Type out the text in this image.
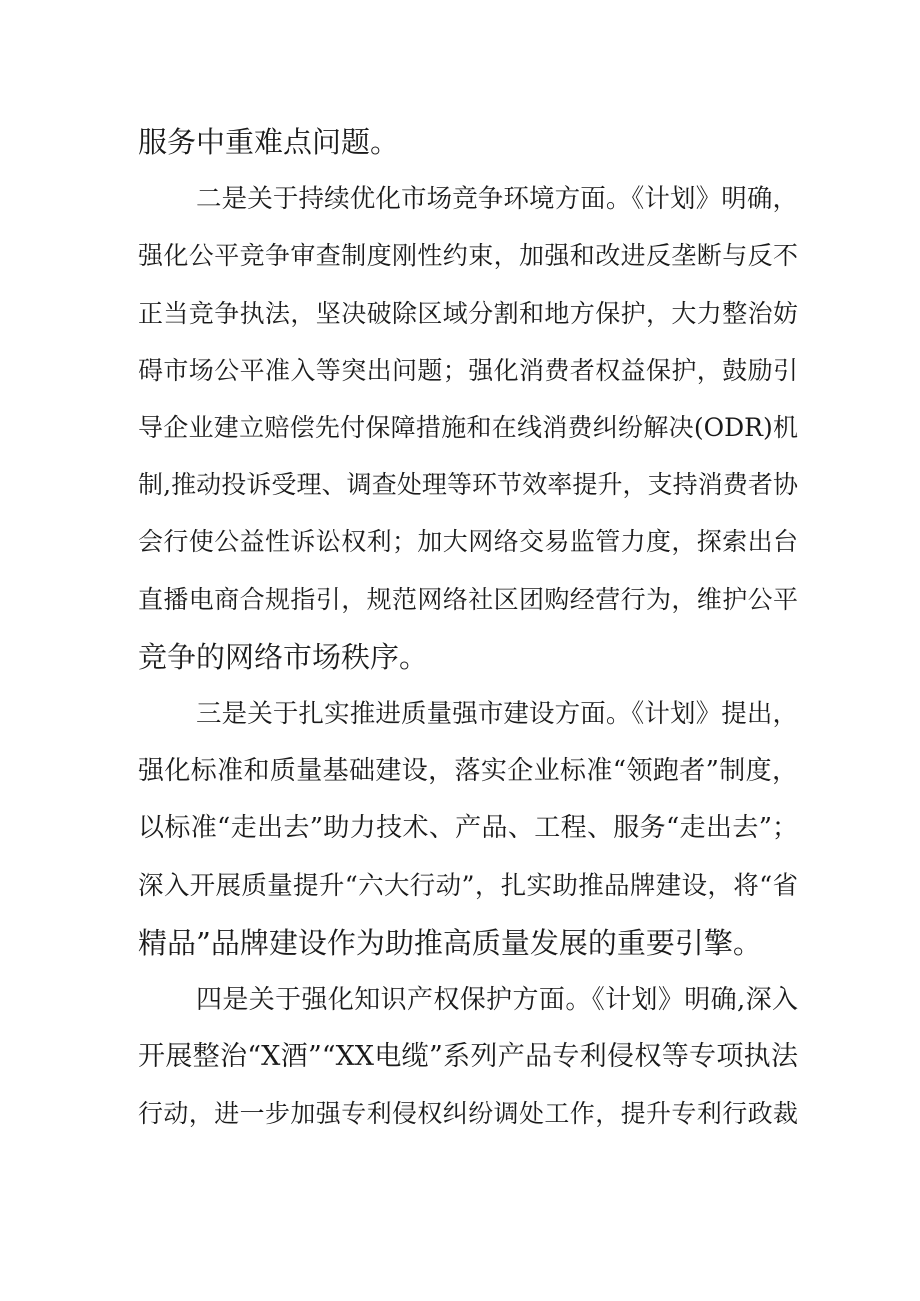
服务中重难点问题。
二是关于持续优化市场竞争环境方面。《计划》明确，
强化公平竞争审查制度刚性约束，加强和改进反垄断与反不
正当竞争执法，坚决破除区域分割和地方保护，大力整治妨
碍市场公平准入等突出问题；强化消费者权益保护，鼓励引
导企业建立赔偿先付保障措施和在线消费纠纷解决(ODR)机
制,推动投诉受理、调查处理等环节效率提升，支持消费者协
会行使公益性诉讼权利；加大网络交易监管力度，探索出台
直播电商合规指引，规范网络社区团购经营行为，维护公平
竞争的网络市场秩序。
三是关于扎实推进质量强市建设方面。《计划》提出，
强化标准和质量基础建设，落实企业标准“领跑者”制度，
以标准“走出去”助力技术、产品、工程、服务“走出去”；
深入开展质量提升“六大行动”，扎实助推品牌建设，将“省
精品”品牌建设作为助推高质量发展的重要引擎。
四是关于强化知识产权保护方面。《计划》明确,深入
开展整治“X酒”“XX电缆”系列产品专利侵权等专项执法
行动，进一步加强专利侵权纠纷调处工作，提升专利行政裁
